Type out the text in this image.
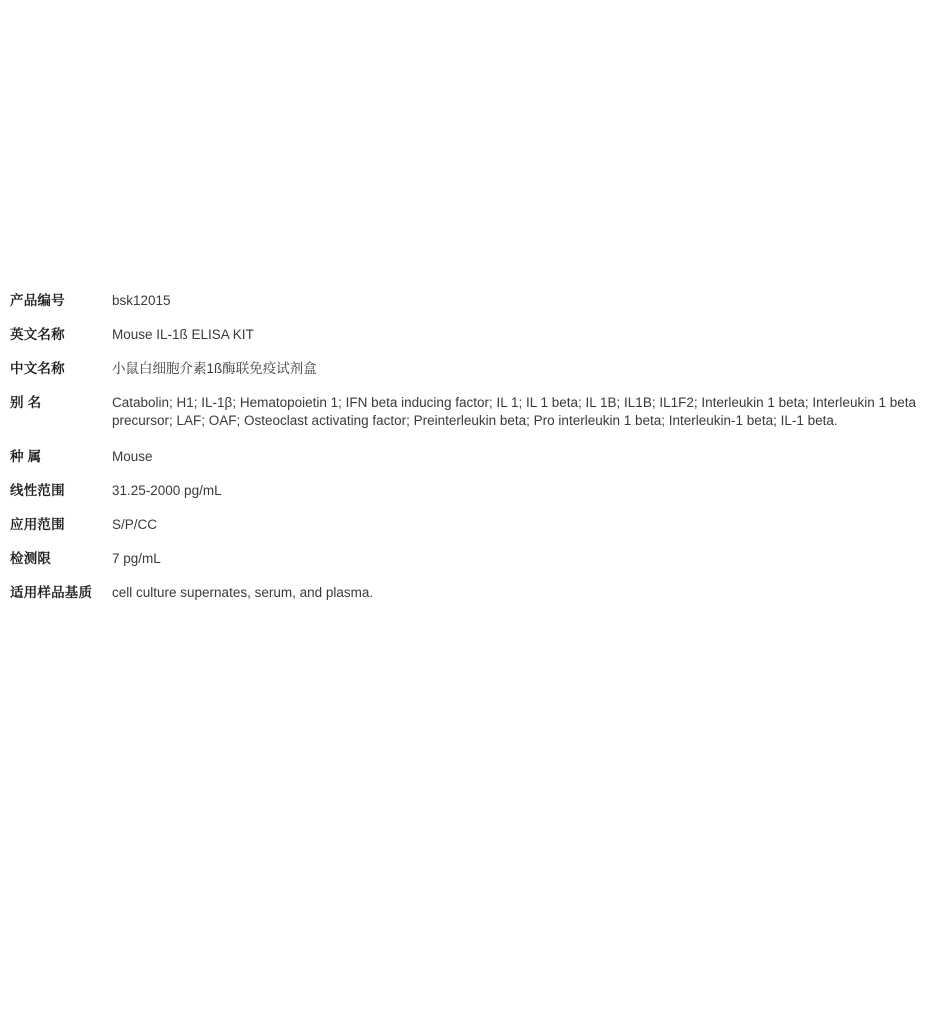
产品编号	bsk12015

英文名称	Mouse IL-1ß ELISA KIT

中文名称	小鼠白细胞介素1ß酶联免疫试剂盒

别 名	Catabolin; H1; IL-1β; Hematopoietin 1; IFN beta inducing factor; IL 1; IL 1 beta; IL 1B; IL1B; IL1F2; Interleukin 1 beta; Interleukin 1 beta precursor; LAF; OAF; Osteoclast activating factor; Preinterleukin beta; Pro interleukin 1 beta; Interleukin-1 beta; IL-1 beta.

种 属	Mouse

线性范围	31.25-2000 pg/mL

应用范围	S/P/CC

检测限	7 pg/mL

适用样品基质	cell culture supernates, serum, and plasma.
